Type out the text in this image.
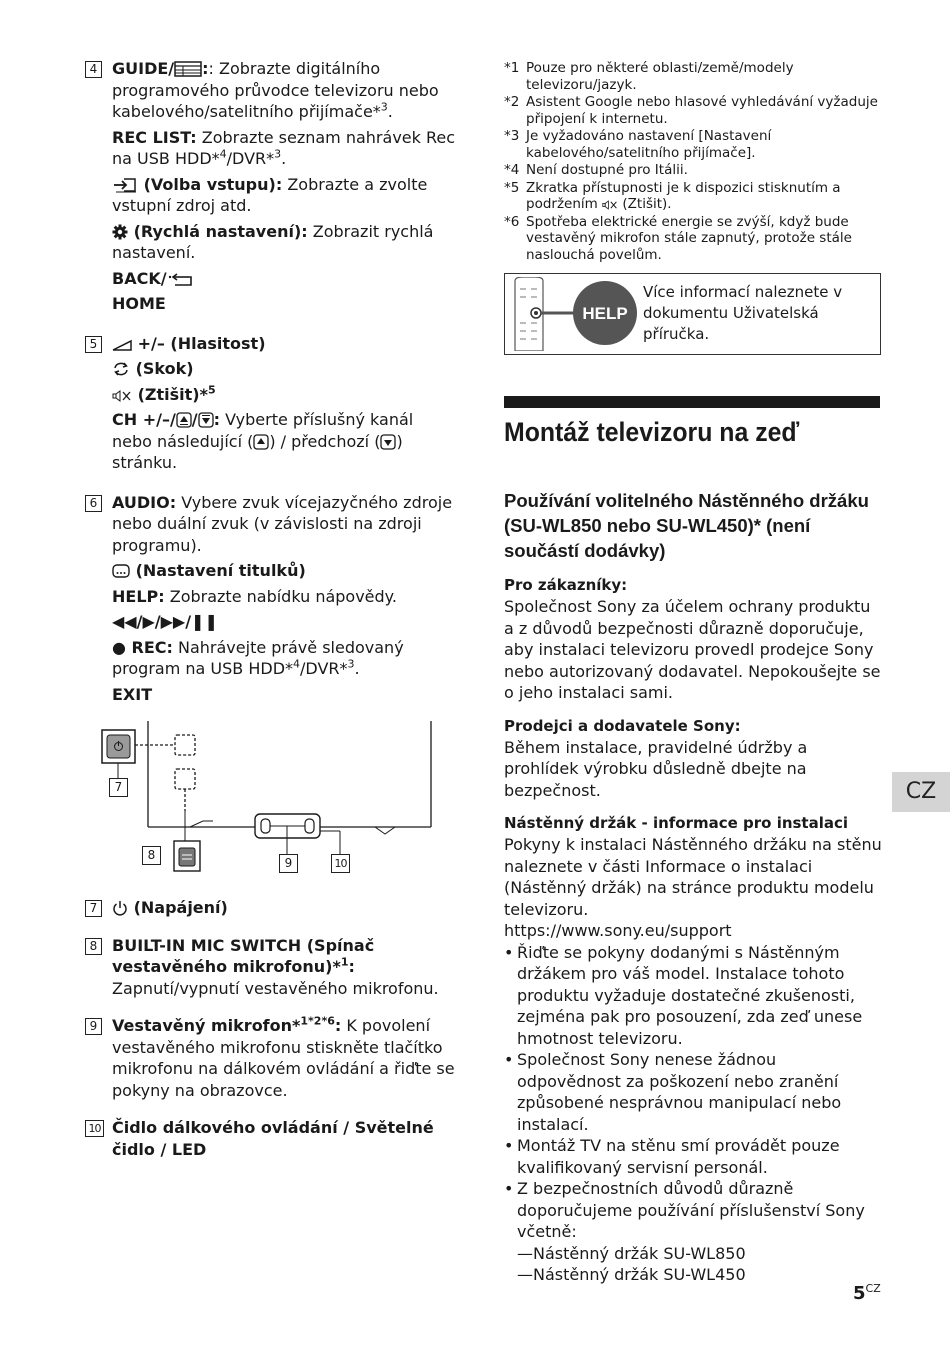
4 GUIDE/ :: Zobrazte digitálního programového průvodce televizoru nebo kabelového/satelitního přijímače*$^3$.

REC LIST: Zobrazte seznam nahrávek Rec na USB HDD*$^4$/DVR*$^3$.

(Volba vstupu): Zobrazte a zvolte vstupní zdroj atd.

(Rychlá nastavení): Zobrazit rychlá nastavení.

BACK/

HOME

5	+/– (Hlasitost)

(Skok)

(Ztišit)*$^5$

CH +/–/ / : Vyberte příslušný kanál nebo následující ( ) / předchozí ( ) stránku.

6 AUDIO: Vybere zvuk vícejazyčného zdroje nebo duální zvuk (v závislosti na zdroji programu).

(Nastavení titulků)

HELP: Zobrazte nabídku nápovědy.

◀◀/▶/▶▶/❚❚

● REC: Nahrávejte právě sledovaný program na USB HDD*$^4$/DVR*$^3$.

EXIT

7
8
9	10
7	(Napájení)

8 BUILT-IN MIC SWITCH (Spínač vestavěného mikrofonu)*$^1$: Zapnutí/vypnutí vestavěného mikrofonu.

9 Vestavěný mikrofon*$^{1*2*6}$: K povolení vestavěného mikrofonu stiskněte tlačítko mikrofonu na dálkovém ovládání a řiďte se pokyny na obrazovce.

10 Čidlo dálkového ovládání / Světelné čidlo / LED

*1 Pouze pro některé oblasti/země/modely televizoru/jazyk.
*2 Asistent Google nebo hlasové vyhledávání vyžaduje připojení k internetu.
*3 Je vyžadováno nastavení [Nastavení kabelového/satelitního přijímače].
*4 Není dostupné pro Itálii.
*5 Zkratka přístupnosti je k dispozici stisknutím a podržením  (Ztišit).
*6 Spotřeba elektrické energie se zvýší, když bude vestavěný mikrofon stále zapnutý, protože stále naslouchá povelům.
HELP
Více informací naleznete v dokumentu Uživatelská příručka.
Montáž televizoru na zeď
Používání volitelného Nástěnného držáku (SU-WL850 nebo SU-WL450)* (není součástí dodávky)

Pro zákazníky:

Společnost Sony za účelem ochrany produktu a z důvodů bezpečnosti důrazně doporučuje, aby instalaci televizoru provedl prodejce Sony nebo autorizovaný dodavatel. Nepokoušejte se o jeho instalaci sami.

Prodejci a dodavatele Sony:

Během instalace, pravidelné údržby a prohlídek výrobku důsledně dbejte na bezpečnost.

Nástěnný držák - informace pro instalaci

Pokyny k instalaci Nástěnného držáku na stěnu naleznete v části Informace o instalaci (Nástěnný držák) na stránce produktu modelu televizoru.

https://www.sony.eu/support

• Řiďte se pokyny dodanými s Nástěnným držákem pro váš model. Instalace tohoto produktu vyžaduje dostatečné zkušenosti, zejména pak pro posouzení, zda zeď unese hmotnost televizoru.
• Společnost Sony nenese žádnou odpovědnost za poškození nebo zranění způsobené nesprávnou manipulací nebo instalací.
• Montáž TV na stěnu smí provádět pouze kvalifikovaný servisní personál.
• Z bezpečnostních důvodů důrazně doporučujeme používání příslušenství Sony včetně:
—Nástěnný držák SU-WL850
—Nástěnný držák SU-WL450
CZ
$5^{CZ}$
